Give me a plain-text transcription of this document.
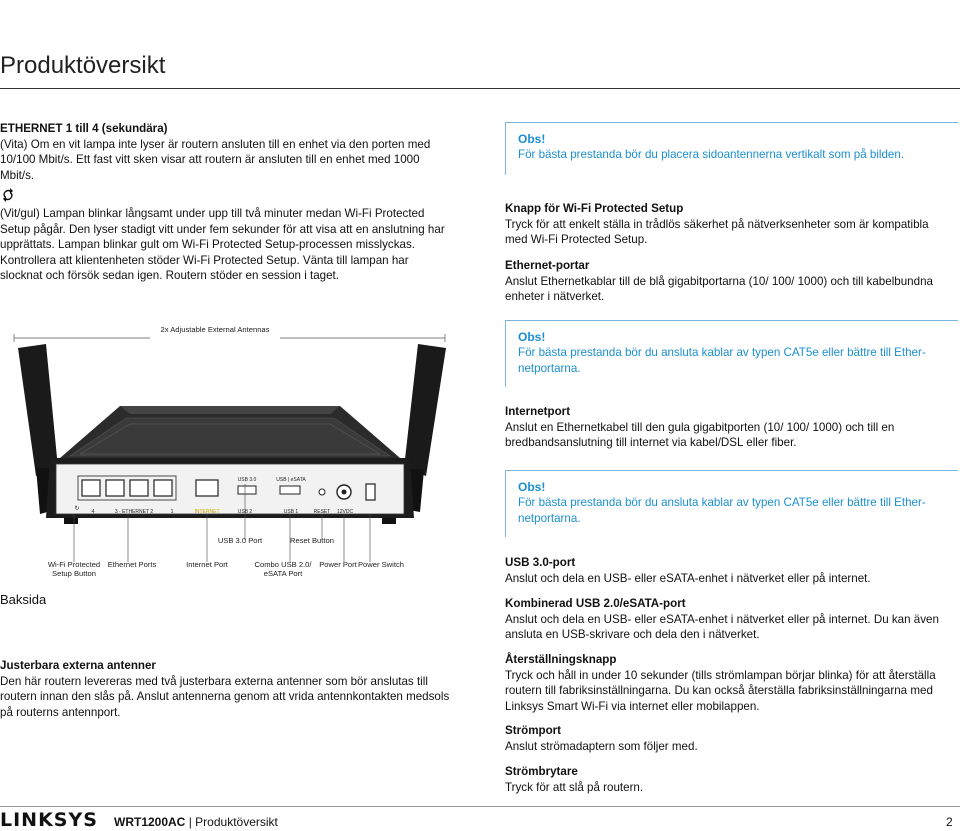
Produktöversikt
ETHERNET 1 till 4 (sekundära)
(Vita) Om en vit lampa inte lyser är routern ansluten till en enhet via den porten med 10/100 Mbit/s. Ett fast vitt sken visar att routern är ansluten till en enhet med 1000 Mbit/s.
(Vit/gul) Lampan blinkar långsamt under upp till två minuter medan Wi-Fi Protected Setup pågår. Den lyser stadigt vitt under fem sekunder för att visa att en anslutning har upprättats. Lampan blinkar gult om Wi-Fi Protected Setup-processen misslyckas. Kontrollera att klientenheten stöder Wi-Fi Protected Setup. Vänta till lampan har slocknat och försök sedan igen. Routern stöder en session i taget.
2x Adjustable External Antennas
↻	4	3 · ETHERNET 2	1	INTERNET	USB 2	USB 1	RESET	12VDC
USB 3.0	USB | eSATA
USB 3.0 Port	Reset Button
Wi-Fi Protected Setup Button
Ethernet Ports	Internet Port	Combo USB 2.0/ eSATA Port
Power Port Power Switch
Baksida
Justerbara externa antenner
Den här routern levereras med två justerbara externa antenner som bör anslutas till routern innan den slås på. Anslut antennerna genom att vrida antennkontakten medsols på routerns antennport.
Obs!
För bästa prestanda bör du placera sidoantennerna vertikalt som på bilden.
Knapp för Wi-Fi Protected Setup
Tryck för att enkelt ställa in trådlös säkerhet på nätverksenheter som är kompatibla med Wi-Fi Protected Setup.
Ethernet-portar
Anslut Ethernetkablar till de blå gigabitportarna (10/ 100/ 1000) och till kabelbundna enheter i nätverket.
Obs!
För bästa prestanda bör du ansluta kablar av typen CAT5e eller bättre till Ether-netportarna.
Internetport
Anslut en Ethernetkabel till den gula gigabitporten (10/ 100/ 1000) och till en bredbandsanslutning till internet via kabel/DSL eller fiber.
Obs!
För bästa prestanda bör du ansluta kablar av typen CAT5e eller bättre till Ether-netportarna.
USB 3.0-port
Anslut och dela en USB- eller eSATA-enhet i nätverket eller på internet.
Kombinerad USB 2.0/eSATA-port
Anslut och dela en USB- eller eSATA-enhet i nätverket eller på internet. Du kan även ansluta en USB-skrivare och dela den i nätverket.
Återställningsknapp
Tryck och håll in under 10 sekunder (tills strömlampan börjar blinka) för att återställa routern till fabriksinställningarna. Du kan också återställa fabriksinställningarna med Linksys Smart Wi-Fi via internet eller mobilappen.
Strömport
Anslut strömadaptern som följer med.
Strömbrytare
Tryck för att slå på routern.
LINKSYS WRT1200AC | Produktöversikt	2
